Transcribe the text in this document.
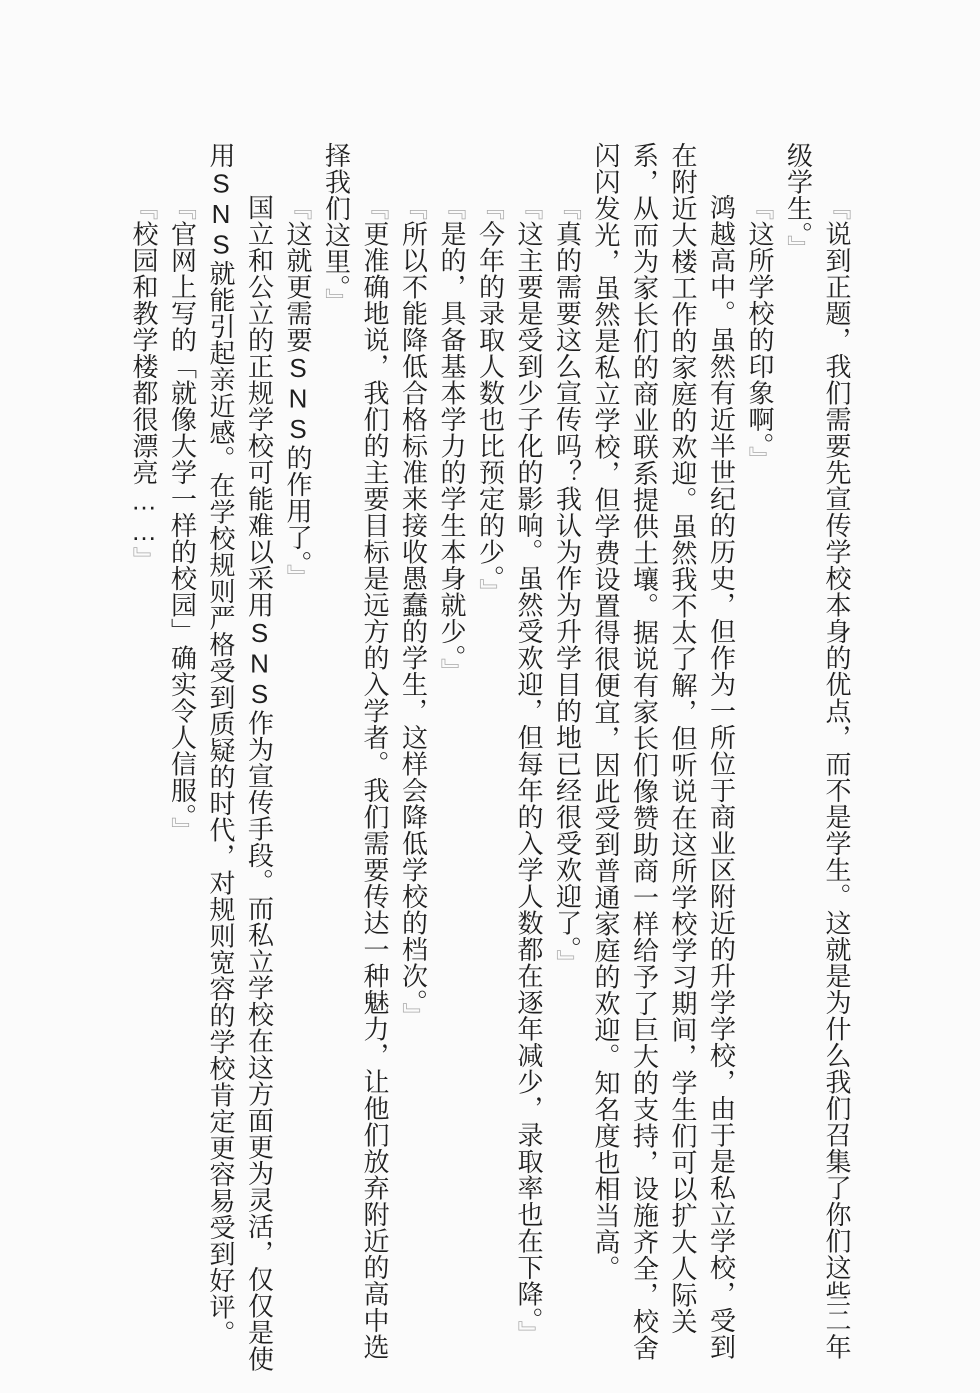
『说到正题，我们需要先宣传学校本身的优点，而不是学生。这就是为什么我们召集了你们这些二年级学生。』

『这所学校的印象啊。』

鸿越高中。虽然有近半世纪的历史，但作为一所位于商业区附近的升学学校，由于是私立学校，受到在附近大楼工作的家庭的欢迎。虽然我不太了解，但听说在这所学校学习期间，学生们可以扩大人际关系，从而为家长们的商业联系提供土壤。据说有家长们像赞助商一样给予了巨大的支持，设施齐全，校舍闪闪发光，虽然是私立学校，但学费设置得很便宜，因此受到普通家庭的欢迎。知名度也相当高。

『真的需要这么宣传吗？我认为作为升学目的地已经很受欢迎了。』

『这主要是受到少子化的影响。虽然受欢迎，但每年的入学人数都在逐年减少，录取率也在下降。』

『今年的录取人数也比预定的少。』

『是的，具备基本学力的学生本身就少。』

『所以不能降低合格标准来接收愚蠢的学生，这样会降低学校的档次。』

『更准确地说，我们的主要目标是远方的入学者。我们需要传达一种魅力，让他们放弃附近的高中选择我们这里。』

『这就更需要SNS的作用了。』

国立和公立的正规学校可能难以采用SNS作为宣传手段。而私立学校在这方面更为灵活，仅仅是使用SNS就能引起亲近感。在学校规则严格受到质疑的时代，对规则宽容的学校肯定更容易受到好评。

『官网上写的「就像大学一样的校园」确实令人信服。』

『校园和教学楼都很漂亮……』
